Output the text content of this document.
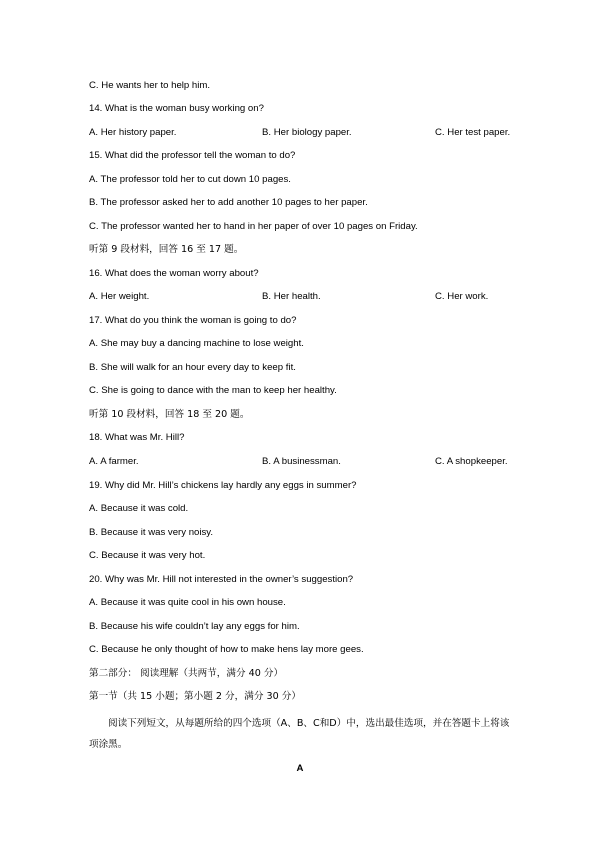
C. He wants her to help him.
14. What is the woman busy working on?
A. Her history paper.	B. Her biology paper.	C. Her test paper.
15. What did the professor tell the woman to do?
A. The professor told her to cut down 10 pages.
B. The professor asked her to add another 10 pages to her paper.
C. The professor wanted her to hand in her paper of over 10 pages on Friday.
听第 9 段材料，回答 16 至 17 题。
16. What does the woman worry about?
A. Her weight.	B. Her health.	C. Her work.
17. What do you think the woman is going to do?
A. She may buy a dancing machine to lose weight.
B. She will walk for an hour every day to keep fit.
C. She is going to dance with the man to keep her healthy.
听第 10 段材料，回答 18 至 20 题。
18. What was Mr. Hill?
A. A farmer.	B. A businessman.	C. A shopkeeper.
19. Why did Mr. Hill’s chickens lay hardly any eggs in summer?
A. Because it was cold.
B. Because it was very noisy.
C. Because it was very hot.
20. Why was Mr. Hill not interested in the owner’s suggestion?
A. Because it was quite cool in his own house.
B. Because his wife couldn’t lay any eggs for him.
C. Because he only thought of how to make hens lay more gees.
第二部分： 阅读理解（共两节，满分 40 分）
第一节（共 15 小题；第小题 2 分，满分 30 分）
阅读下列短文，从每题所给的四个选项（A、B、C和D）中，选出最佳选项，并在答题卡上将该项涂黑。
A
